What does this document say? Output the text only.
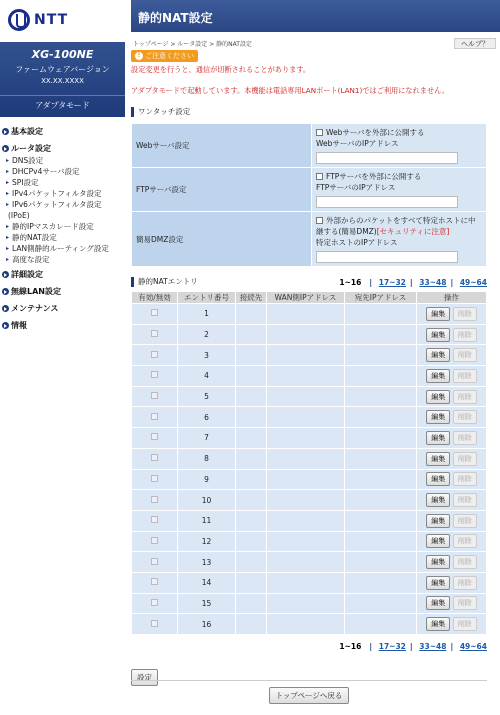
NTT
XG-100NE
ファームウェアバージョン
XX.XX.XXXX
アダプタモード
基本設定
ルータ設定
▸ DNS設定
▸ DHCPv4サーバ設定
▸ SPI設定
▸ IPv4パケットフィルタ設定
▸ IPv6パケットフィルタ設定
(IPoE)
▸ 静的IPマスカレード設定
▸ 静的NAT設定
▸ LAN側静的ルーティング設定
▸ 高度な設定
詳細設定
無線LAN設定
メンテナンス
情報
静的NAT設定
トップページ > ルータ設定 > 静的NAT設定	ヘルプ？
! ご注意ください
設定変更を行うと、通信が切断されることがあります。
アダプタモードで起動しています。本機能は電話専用LANポート(LAN1)ではご利用になれません。
ワンタッチ設定
Webサーバ設定	Webサーバを外部に公開する
WebサーバのIPアドレス

FTPサーバ設定	FTPサーバを外部に公開する
FTPサーバのIPアドレス

簡易DMZ設定	外部からのパケットをすべて特定ホストに中
継する(簡易DMZ)[セキュリティに注意]
特定ホストのIPアドレス
静的NATエントリ	1~16 | 17~32 | 33~48 | 49~64
有効/無効	エントリ番号	接続先	WAN側IPアドレス	宛先IPアドレス	操作
	1				編集 削除
	2				編集 削除
	3				編集 削除
	4				編集 削除
	5				編集 削除
	6				編集 削除
	7				編集 削除
	8				編集 削除
	9				編集 削除
	10				編集 削除
	11				編集 削除
	12				編集 削除
	13				編集 削除
	14				編集 削除
	15				編集 削除
	16				編集 削除
1~16 | 17~32 | 33~48 | 49~64
設定
トップページへ戻る
